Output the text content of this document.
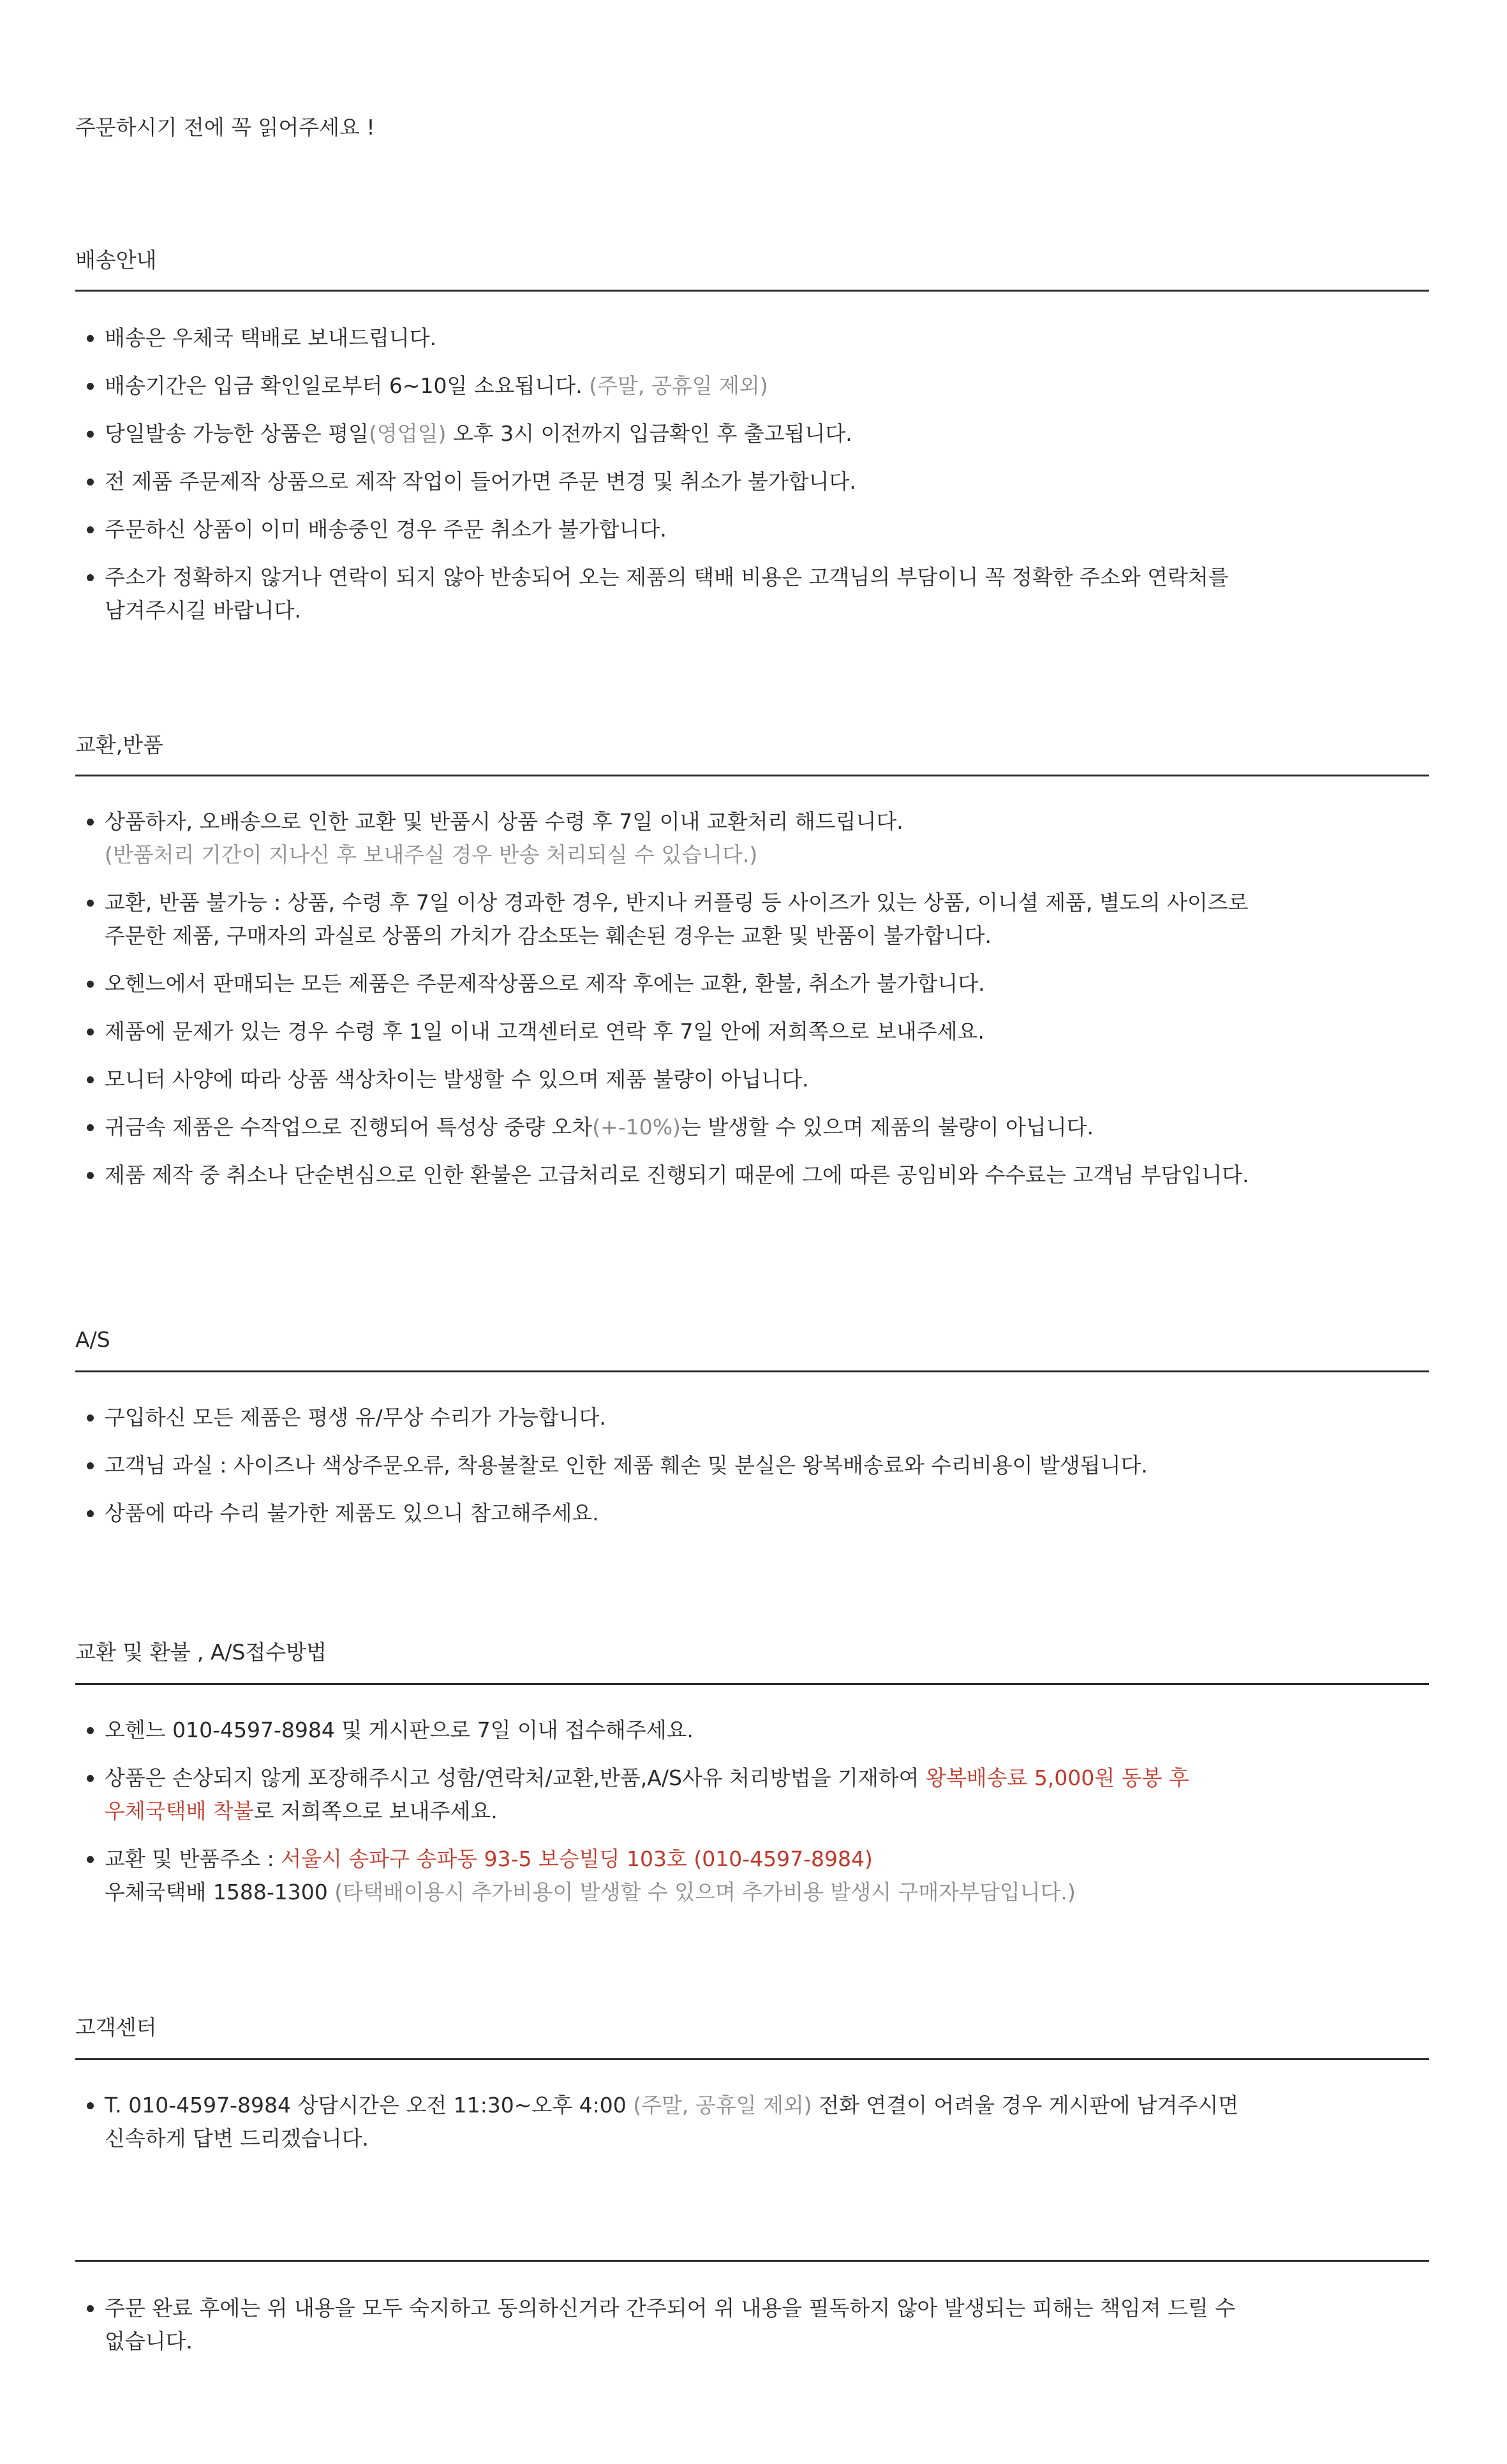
주문하시기 전에 꼭 읽어주세요 !
배송안내
배송은 우체국 택배로 보내드립니다.
배송기간은 입금 확인일로부터 6~10일 소요됩니다. (주말, 공휴일 제외)
당일발송 가능한 상품은 평일(영업일) 오후 3시 이전까지 입금확인 후 출고됩니다.
전 제품 주문제작 상품으로 제작 작업이 들어가면 주문 변경 및 취소가 불가합니다.
주문하신 상품이 이미 배송중인 경우 주문 취소가 불가합니다.
주소가 정확하지 않거나 연락이 되지 않아 반송되어 오는 제품의 택배 비용은 고객님의 부담이니 꼭 정확한 주소와 연락처를
남겨주시길 바랍니다.
교환,반품
상품하자, 오배송으로 인한 교환 및 반품시 상품 수령 후 7일 이내 교환처리 해드립니다.
(반품처리 기간이 지나신 후 보내주실 경우 반송 처리되실 수 있습니다.)
교환, 반품 불가능 : 상품, 수령 후 7일 이상 경과한 경우, 반지나 커플링 등 사이즈가 있는 상품, 이니셜 제품, 별도의 사이즈로
주문한 제품, 구매자의 과실로 상품의 가치가 감소또는 훼손된 경우는 교환 및 반품이 불가합니다.
오헨느에서 판매되는 모든 제품은 주문제작상품으로 제작 후에는 교환, 환불, 취소가 불가합니다.
제품에 문제가 있는 경우 수령 후 1일 이내 고객센터로 연락 후 7일 안에 저희쪽으로 보내주세요.
모니터 사양에 따라 상품 색상차이는 발생할 수 있으며 제품 불량이 아닙니다.
귀금속 제품은 수작업으로 진행되어 특성상 중량 오차(+-10%)는 발생할 수 있으며 제품의 불량이 아닙니다.
제품 제작 중 취소나 단순변심으로 인한 환불은 고급처리로 진행되기 때문에 그에 따른 공임비와 수수료는 고객님 부담입니다.
A/S
구입하신 모든 제품은 평생 유/무상 수리가 가능합니다.
고객님 과실 : 사이즈나 색상주문오류, 착용불찰로 인한 제품 훼손 및 분실은 왕복배송료와 수리비용이 발생됩니다.
상품에 따라 수리 불가한 제품도 있으니 참고해주세요.
교환 및 환불 , A/S접수방법
오헨느 010-4597-8984 및 게시판으로 7일 이내 접수해주세요.
상품은 손상되지 않게 포장해주시고 성함/연락처/교환,반품,A/S사유 처리방법을 기재하여 왕복배송료 5,000원 동봉 후
우체국택배 착불로 저희쪽으로 보내주세요.
교환 및 반품주소 : 서울시 송파구 송파동 93-5 보승빌딩 103호 (010-4597-8984)
우체국택배 1588-1300 (타택배이용시 추가비용이 발생할 수 있으며 추가비용 발생시 구매자부담입니다.)
고객센터
T. 010-4597-8984 상담시간은 오전 11:30~오후 4:00 (주말, 공휴일 제외) 전화 연결이 어려울 경우 게시판에 남겨주시면
신속하게 답변 드리겠습니다.
주문 완료 후에는 위 내용을 모두 숙지하고 동의하신거라 간주되어 위 내용을 필독하지 않아 발생되는 피해는 책임져 드릴 수
없습니다.
